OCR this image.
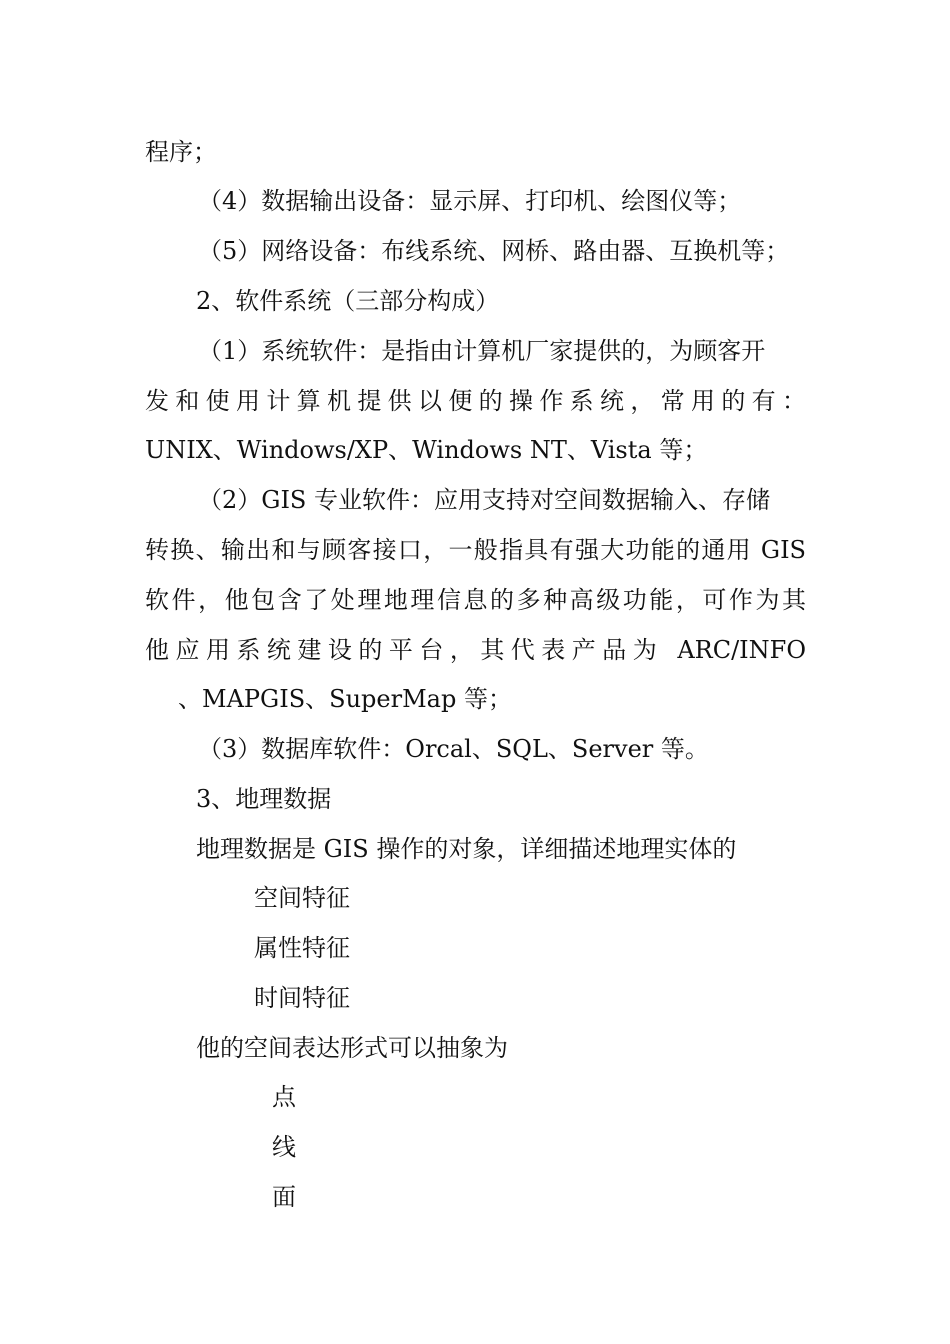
程序；
（4）数据输出设备：显示屏、打印机、绘图仪等；
（5）网络设备：布线系统、网桥、路由器、互换机等；
2、软件系统（三部分构成）
（1）系统软件：是指由计算机厂家提供的，为顾客开
发和使用计算机提供以便的操作系统，常用的有：
UNIX、Windows/XP、Windows NT、Vista 等；
（2）GIS 专业软件：应用支持对空间数据输入、存储
转换、输出和与顾客接口，一般指具有强大功能的通用 GIS
软件，他包含了处理地理信息的多种高级功能，可作为其
他应用系统建设的平台，其代表产品为 ARC/INFO
、MAPGIS、SuperMap 等；
（3）数据库软件：Orcal、SQL、Server 等。
3、地理数据
地理数据是 GIS 操作的对象，详细描述地理实体的
空间特征
属性特征
时间特征
他的空间表达形式可以抽象为
点
线
面
